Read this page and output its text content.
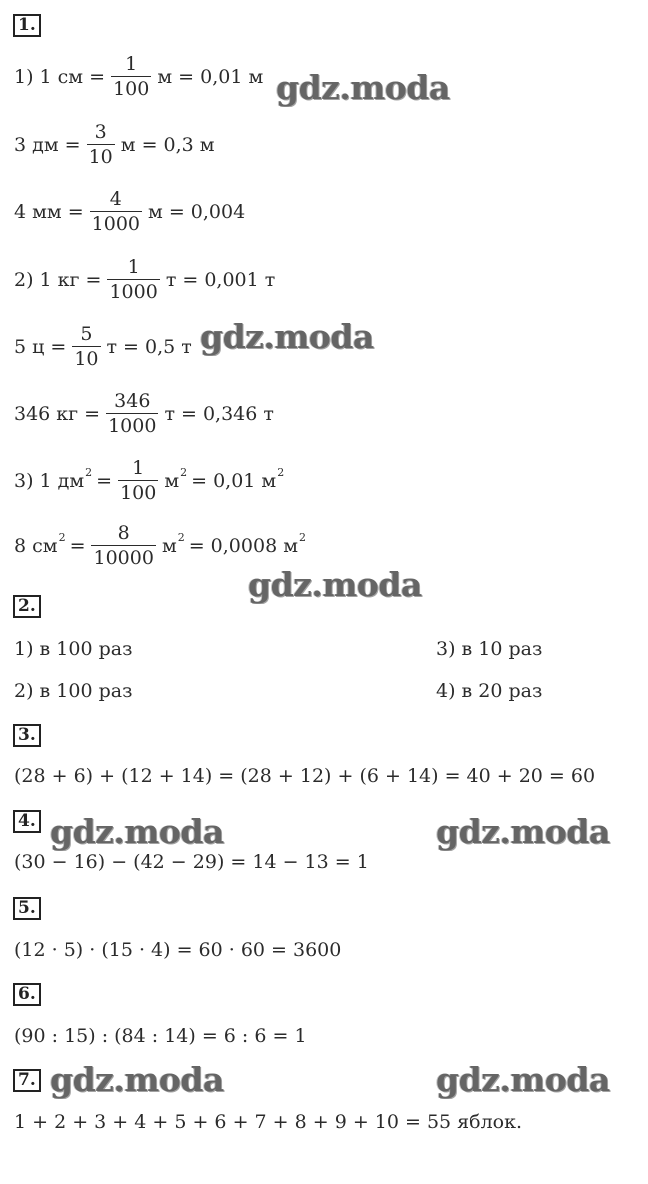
1.
1) 1 см = $\frac{1}{100}$ м = 0,01 м
3 дм = $\frac{3}{10}$ м = 0,3 м
4 мм = $\frac{4}{1000}$ м = 0,004
2) 1 кг = $\frac{1}{1000}$ т = 0,001 т
5 $ц = \frac{5}{10}$ т = 0,5 т
346 кг = $\frac{346}{1000}$ т = 0,346 т
3) 1 дм $2 = \frac{1}{100}$ м 2 = 0,01 м 2
8 см $2 = \frac{8}{10000}$ м 2 = 0,0008 м 2
2.
1) в 100 раз	3) в 10 раз
2) в 100 раз	4) в 20 раз
3.
(28 + 6) + (12 + 14) = (28 + 12) + (6 + 14) = 40 + 20 = 60
4.
(30 − 16) − (42 − 29) = 14 − 13 = 1
5.
(12 · 5) · (15 · 4) = 60 · 60 = 3600
6.
(90 : 15) : (84 : 14) = 6 : 6 = 1
7.
1 + 2 + 3 + 4 + 5 + 6 + 7 + 8 + 9 + 10 = 55 яблок.
gdz.moda
gdz.moda
gdz.moda
gdz.moda	gdz.moda
gdz.moda	gdz.moda
